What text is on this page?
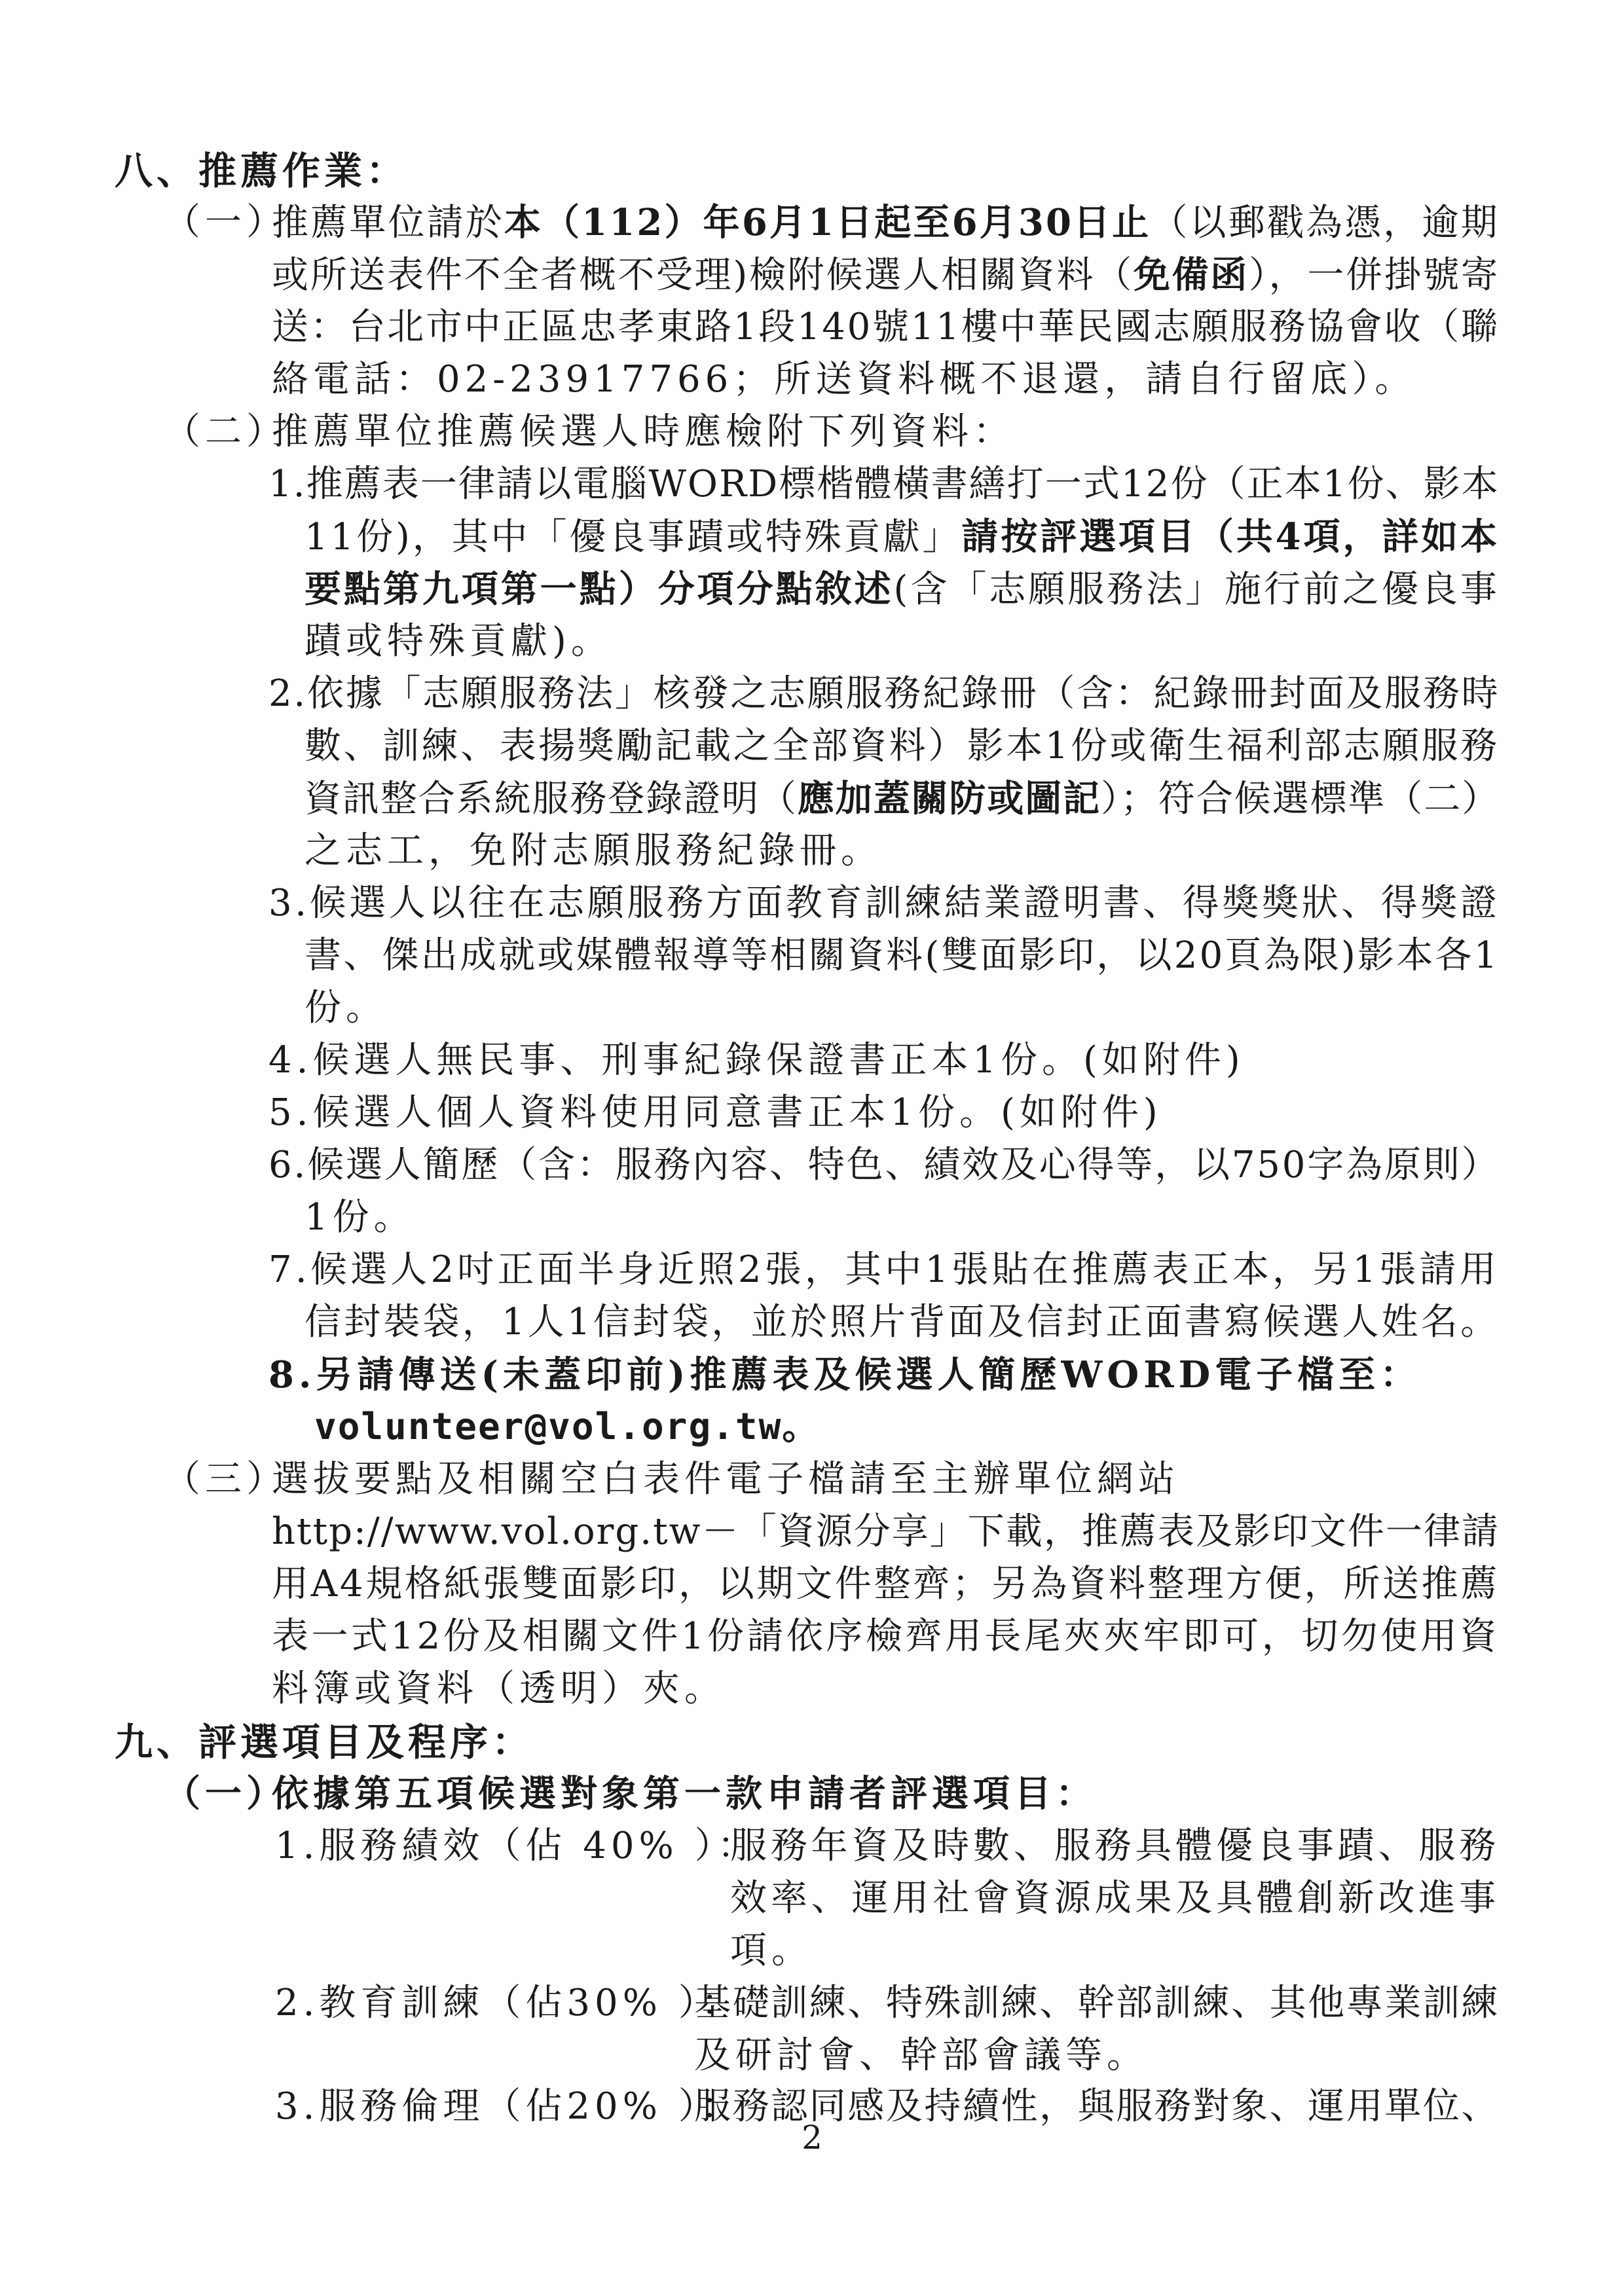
八、推薦作業：
（一）
推薦單位請於本（112）年6月1日起至6月30日止（以郵戳為憑，逾期
或所送表件不全者概不受理)檢附候選人相關資料（免備函），一併掛號寄
送：台北市中正區忠孝東路1段140號11樓中華民國志願服務協會收（聯
絡電話：02-23917766；所送資料概不退還，請自行留底）。
（二）
推薦單位推薦候選人時應檢附下列資料：
1.推薦表一律請以電腦WORD標楷體橫書繕打一式12份（正本1份、影本
11份)，其中「優良事蹟或特殊貢獻」請按評選項目（共4項，詳如本
要點第九項第一點）分項分點敘述(含「志願服務法」施行前之優良事
蹟或特殊貢獻)。
2.依據「志願服務法」核發之志願服務紀錄冊（含：紀錄冊封面及服務時
數、訓練、表揚獎勵記載之全部資料）影本1份或衛生福利部志願服務
資訊整合系統服務登錄證明（應加蓋關防或圖記）；符合候選標準（二）
之志工，免附志願服務紀錄冊。
3.候選人以往在志願服務方面教育訓練結業證明書、得獎獎狀、得獎證
書、傑出成就或媒體報導等相關資料(雙面影印，以20頁為限)影本各1
份。
4.候選人無民事、刑事紀錄保證書正本1份。(如附件)
5.候選人個人資料使用同意書正本1份。(如附件)
6.候選人簡歷（含：服務內容、特色、績效及心得等，以750字為原則）
1份。
7.候選人2吋正面半身近照2張，其中1張貼在推薦表正本，另1張請用
信封裝袋，1人1信封袋，並於照片背面及信封正面書寫候選人姓名。
8.另請傳送(未蓋印前)推薦表及候選人簡歷WORD電子檔至：
volunteer@vol.org.tw。
（三）
選拔要點及相關空白表件電子檔請至主辦單位網站
http://www.vol.org.tw－「資源分享」下載，推薦表及影印文件一律請
用A4規格紙張雙面影印，以期文件整齊；另為資料整理方便，所送推薦
表一式12份及相關文件1份請依序檢齊用長尾夾夾牢即可，切勿使用資
料簿或資料（透明）夾。
九、評選項目及程序：
（一）
依據第五項候選對象第一款申請者評選項目：
1.服務績效（佔 40% ）：
服務年資及時數、服務具體優良事蹟、服務
效率、運用社會資源成果及具體創新改進事
項。
2.教育訓練（佔30% ）：
基礎訓練、特殊訓練、幹部訓練、其他專業訓練
及研討會、幹部會議等。
3.服務倫理（佔20% ）：
服務認同感及持續性，與服務對象、運用單位、
2
